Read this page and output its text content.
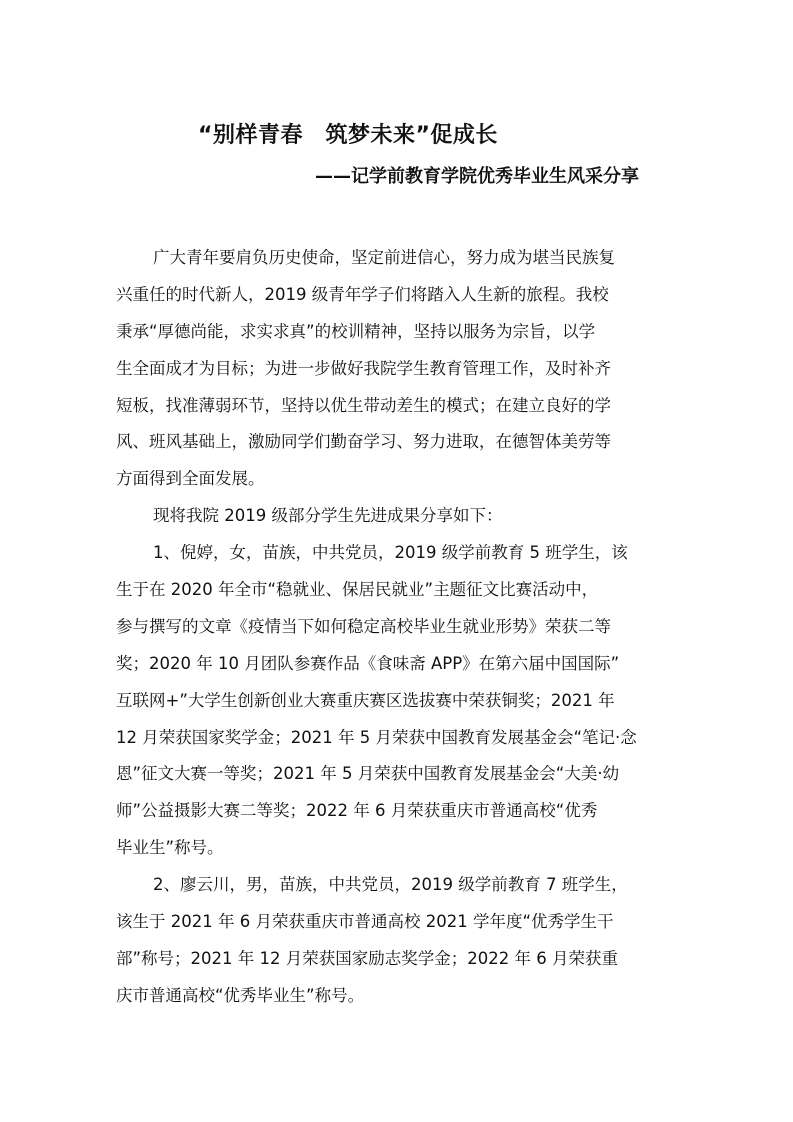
“别样青春　筑梦未来”促成长
——记学前教育学院优秀毕业生风采分享
广大青年要肩负历史使命，坚定前进信心，努力成为堪当民族复
兴重任的时代新人，2019 级青年学子们将踏入人生新的旅程。我校
秉承“厚德尚能，求实求真”的校训精神，坚持以服务为宗旨，以学
生全面成才为目标；为进一步做好我院学生教育管理工作，及时补齐
短板，找准薄弱环节，坚持以优生带动差生的模式；在建立良好的学
风、班风基础上，激励同学们勤奋学习、努力进取，在德智体美劳等
方面得到全面发展。
现将我院 2019 级部分学生先进成果分享如下：
1、倪婷，女，苗族，中共党员，2019 级学前教育 5 班学生，该
生于在 2020 年全市“稳就业、保居民就业”主题征文比赛活动中，
参与撰写的文章《疫情当下如何稳定高校毕业生就业形势》荣获二等
奖；2020 年 10 月团队参赛作品《食味斋 APP》在第六届中国国际”
互联网+”大学生创新创业大赛重庆赛区选拔赛中荣获铜奖；2021 年
12 月荣获国家奖学金；2021 年 5 月荣获中国教育发展基金会“笔记·念
恩”征文大赛一等奖；2021 年 5 月荣获中国教育发展基金会“大美·幼
师”公益摄影大赛二等奖；2022 年 6 月荣获重庆市普通高校“优秀
毕业生”称号。
2、廖云川，男，苗族，中共党员，2019 级学前教育 7 班学生，
该生于 2021 年 6 月荣获重庆市普通高校 2021 学年度“优秀学生干
部”称号；2021 年 12 月荣获国家励志奖学金；2022 年 6 月荣获重
庆市普通高校“优秀毕业生”称号。
